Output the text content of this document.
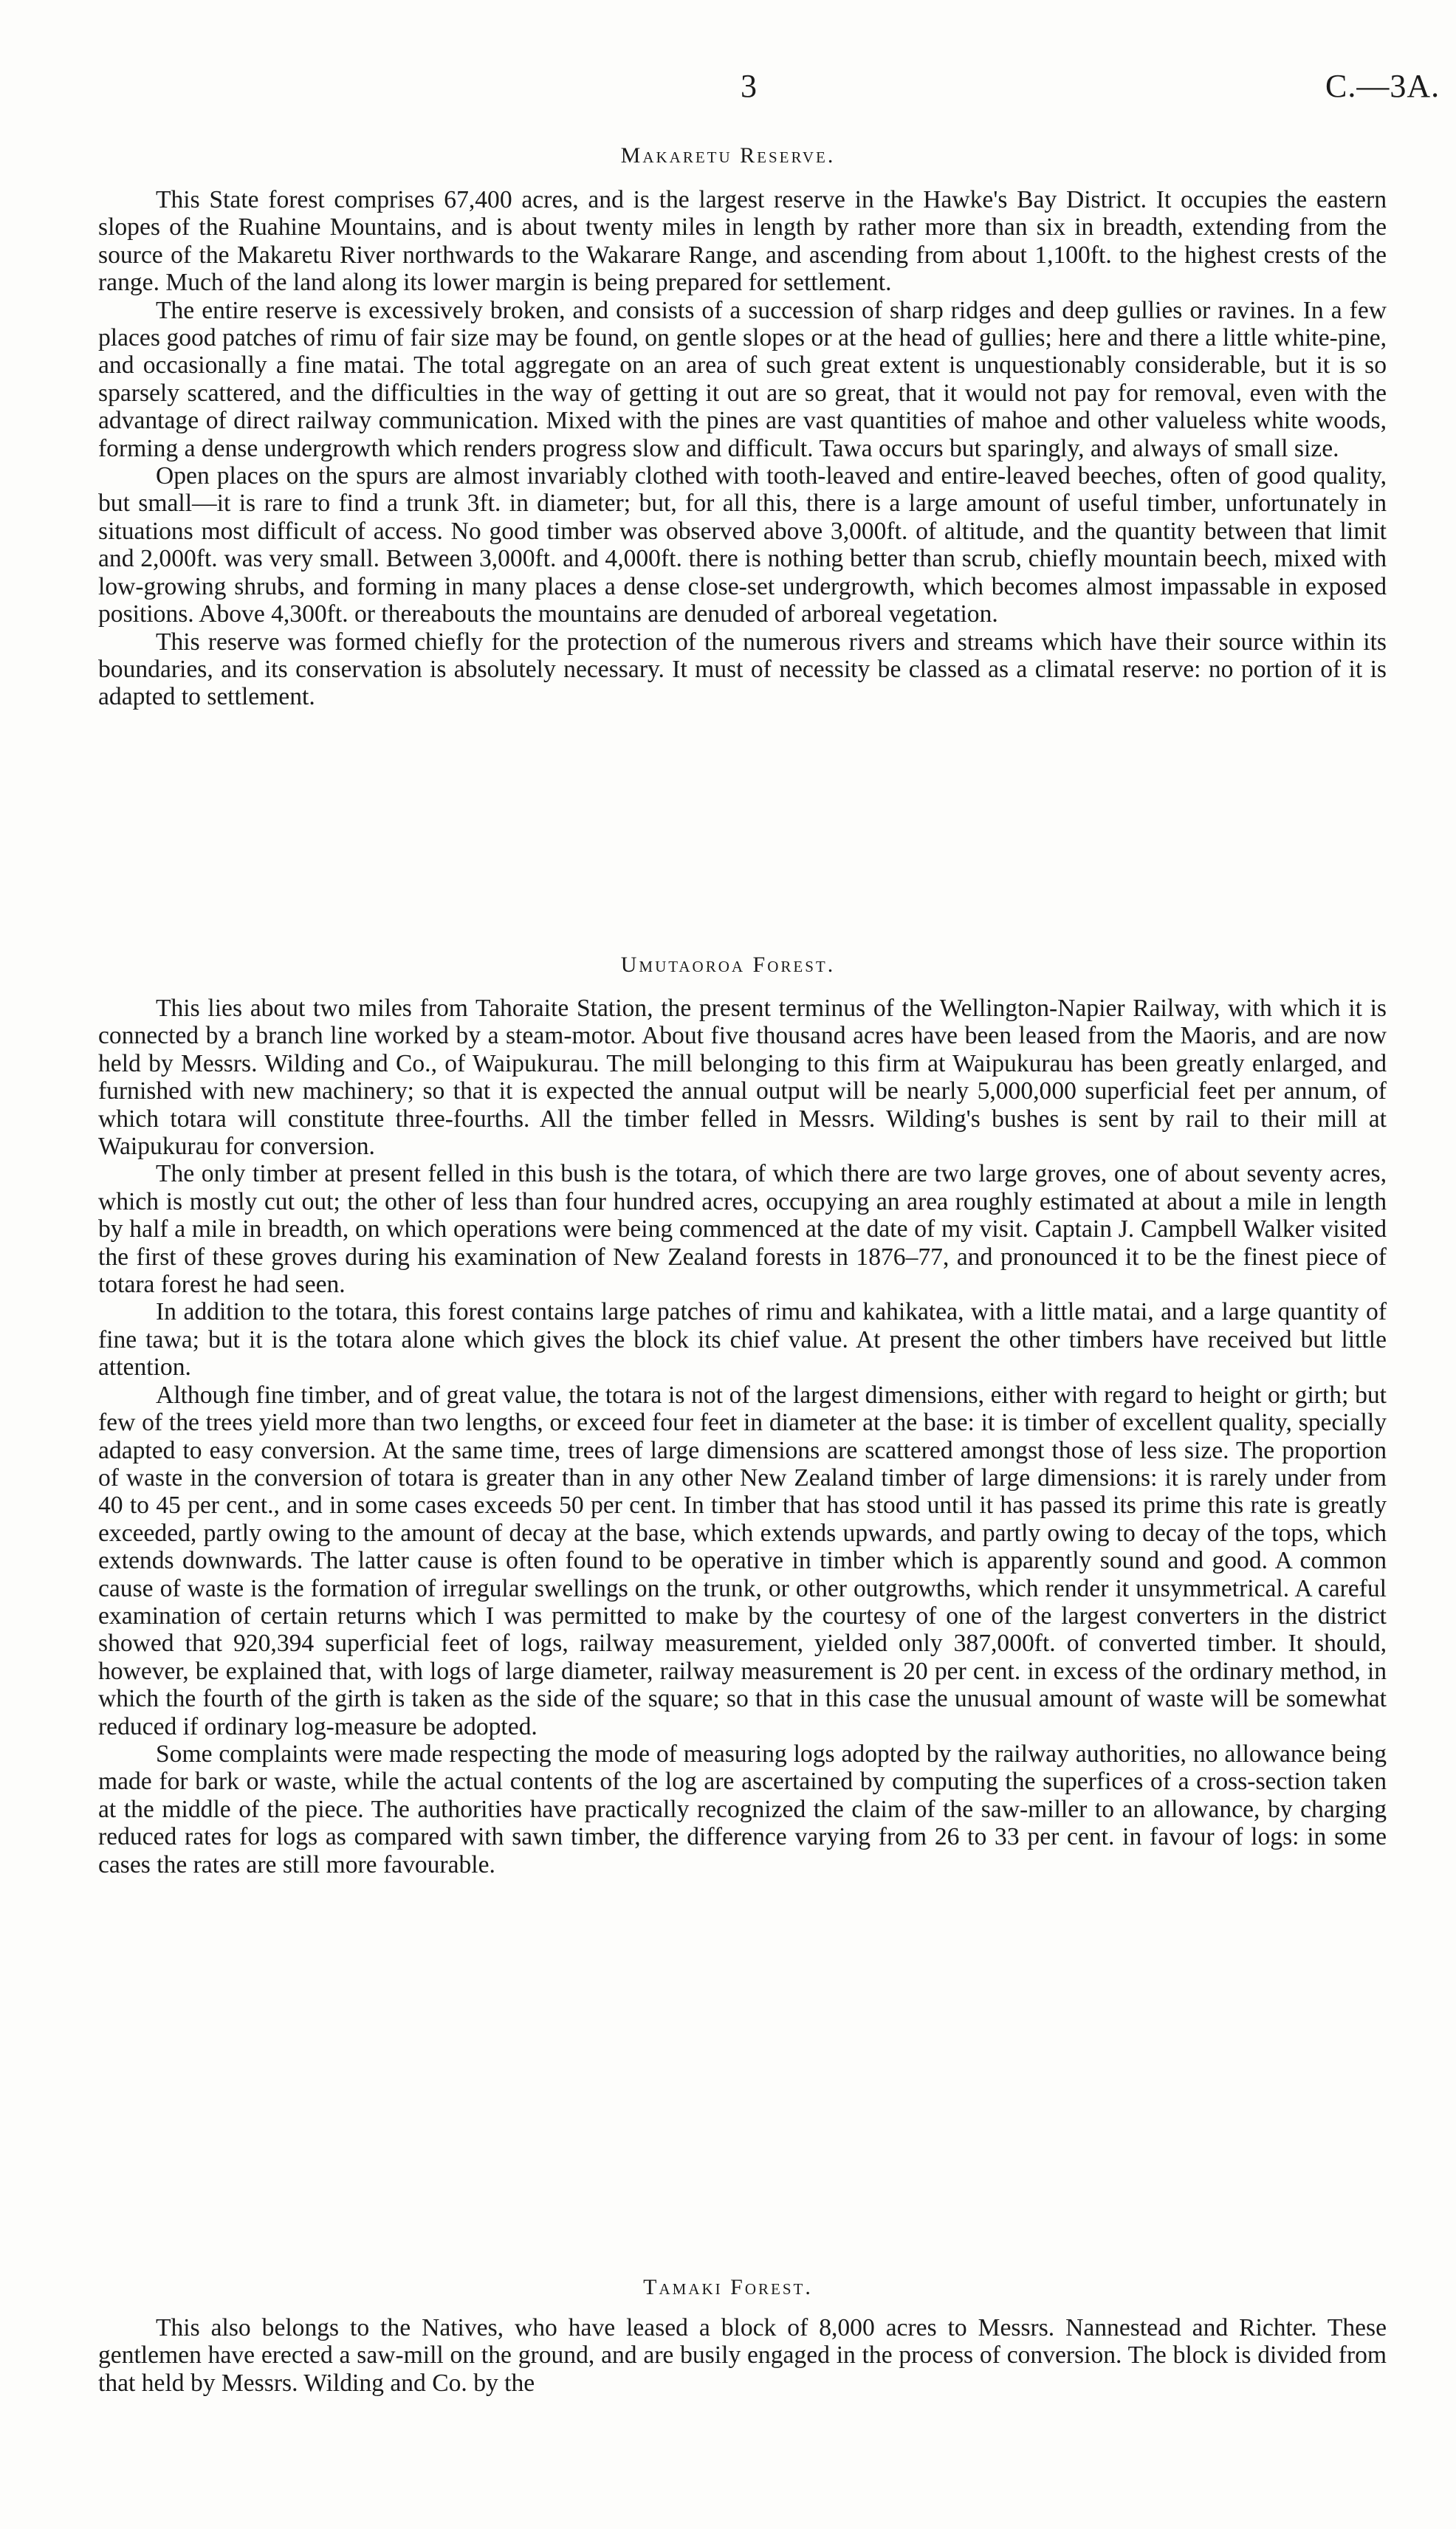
3	C.—3A.
Makaretu Reserve.

This State forest comprises 67,400 acres, and is the largest reserve in the Hawke's Bay District. It occupies the eastern slopes of the Ruahine Mountains, and is about twenty miles in length by rather more than six in breadth, extending from the source of the Makaretu River northwards to the Wakarare Range, and ascending from about 1,100ft. to the highest crests of the range. Much of the land along its lower margin is being prepared for settlement.

The entire reserve is excessively broken, and consists of a succession of sharp ridges and deep gullies or ravines. In a few places good patches of rimu of fair size may be found, on gentle slopes or at the head of gullies; here and there a little white-pine, and occasionally a fine matai. The total aggregate on an area of such great extent is unquestionably considerable, but it is so sparsely scattered, and the difficulties in the way of getting it out are so great, that it would not pay for removal, even with the advantage of direct railway communication. Mixed with the pines are vast quantities of mahoe and other valueless white woods, forming a dense undergrowth which renders progress slow and difficult. Tawa occurs but sparingly, and always of small size.

Open places on the spurs are almost invariably clothed with tooth-leaved and entire-leaved beeches, often of good quality, but small—it is rare to find a trunk 3ft. in diameter; but, for all this, there is a large amount of useful timber, unfortunately in situations most difficult of access. No good timber was observed above 3,000ft. of altitude, and the quantity between that limit and 2,000ft. was very small. Between 3,000ft. and 4,000ft. there is nothing better than scrub, chiefly mountain beech, mixed with low-growing shrubs, and forming in many places a dense close-set undergrowth, which becomes almost impassable in exposed positions. Above 4,300ft. or thereabouts the mountains are denuded of arboreal vegetation.

This reserve was formed chiefly for the protection of the numerous rivers and streams which have their source within its boundaries, and its conservation is absolutely necessary. It must of necessity be classed as a climatal reserve: no portion of it is adapted to settlement.

Umutaoroa Forest.

This lies about two miles from Tahoraite Station, the present terminus of the Wellington-Napier Railway, with which it is connected by a branch line worked by a steam-motor. About five thousand acres have been leased from the Maoris, and are now held by Messrs. Wilding and Co., of Waipukurau. The mill belonging to this firm at Waipukurau has been greatly enlarged, and furnished with new machinery; so that it is expected the annual output will be nearly 5,000,000 superficial feet per annum, of which totara will constitute three-fourths. All the timber felled in Messrs. Wilding's bushes is sent by rail to their mill at Waipukurau for conversion.

The only timber at present felled in this bush is the totara, of which there are two large groves, one of about seventy acres, which is mostly cut out; the other of less than four hundred acres, occupying an area roughly estimated at about a mile in length by half a mile in breadth, on which operations were being commenced at the date of my visit. Captain J. Campbell Walker visited the first of these groves during his examination of New Zealand forests in 1876–77, and pronounced it to be the finest piece of totara forest he had seen.

In addition to the totara, this forest contains large patches of rimu and kahikatea, with a little matai, and a large quantity of fine tawa; but it is the totara alone which gives the block its chief value. At present the other timbers have received but little attention.

Although fine timber, and of great value, the totara is not of the largest dimensions, either with regard to height or girth; but few of the trees yield more than two lengths, or exceed four feet in diameter at the base: it is timber of excellent quality, specially adapted to easy conversion. At the same time, trees of large dimensions are scattered amongst those of less size. The proportion of waste in the conversion of totara is greater than in any other New Zealand timber of large dimensions: it is rarely under from 40 to 45 per cent., and in some cases exceeds 50 per cent. In timber that has stood until it has passed its prime this rate is greatly exceeded, partly owing to the amount of decay at the base, which extends upwards, and partly owing to decay of the tops, which extends downwards. The latter cause is often found to be operative in timber which is apparently sound and good. A common cause of waste is the formation of irregular swellings on the trunk, or other outgrowths, which render it unsymmetrical. A careful examination of certain returns which I was permitted to make by the courtesy of one of the largest converters in the district showed that 920,394 superficial feet of logs, railway measurement, yielded only 387,000ft. of converted timber. It should, however, be explained that, with logs of large diameter, railway measurement is 20 per cent. in excess of the ordinary method, in which the fourth of the girth is taken as the side of the square; so that in this case the unusual amount of waste will be somewhat reduced if ordinary log-measure be adopted.

Some complaints were made respecting the mode of measuring logs adopted by the railway authorities, no allowance being made for bark or waste, while the actual contents of the log are ascertained by computing the superfices of a cross-section taken at the middle of the piece. The authorities have practically recognized the claim of the saw-miller to an allowance, by charging reduced rates for logs as compared with sawn timber, the difference varying from 26 to 33 per cent. in favour of logs: in some cases the rates are still more favourable.

Tamaki Forest.

This also belongs to the Natives, who have leased a block of 8,000 acres to Messrs. Nannestead and Richter. These gentlemen have erected a saw-mill on the ground, and are busily engaged in the process of conversion. The block is divided from that held by Messrs. Wilding and Co. by the
